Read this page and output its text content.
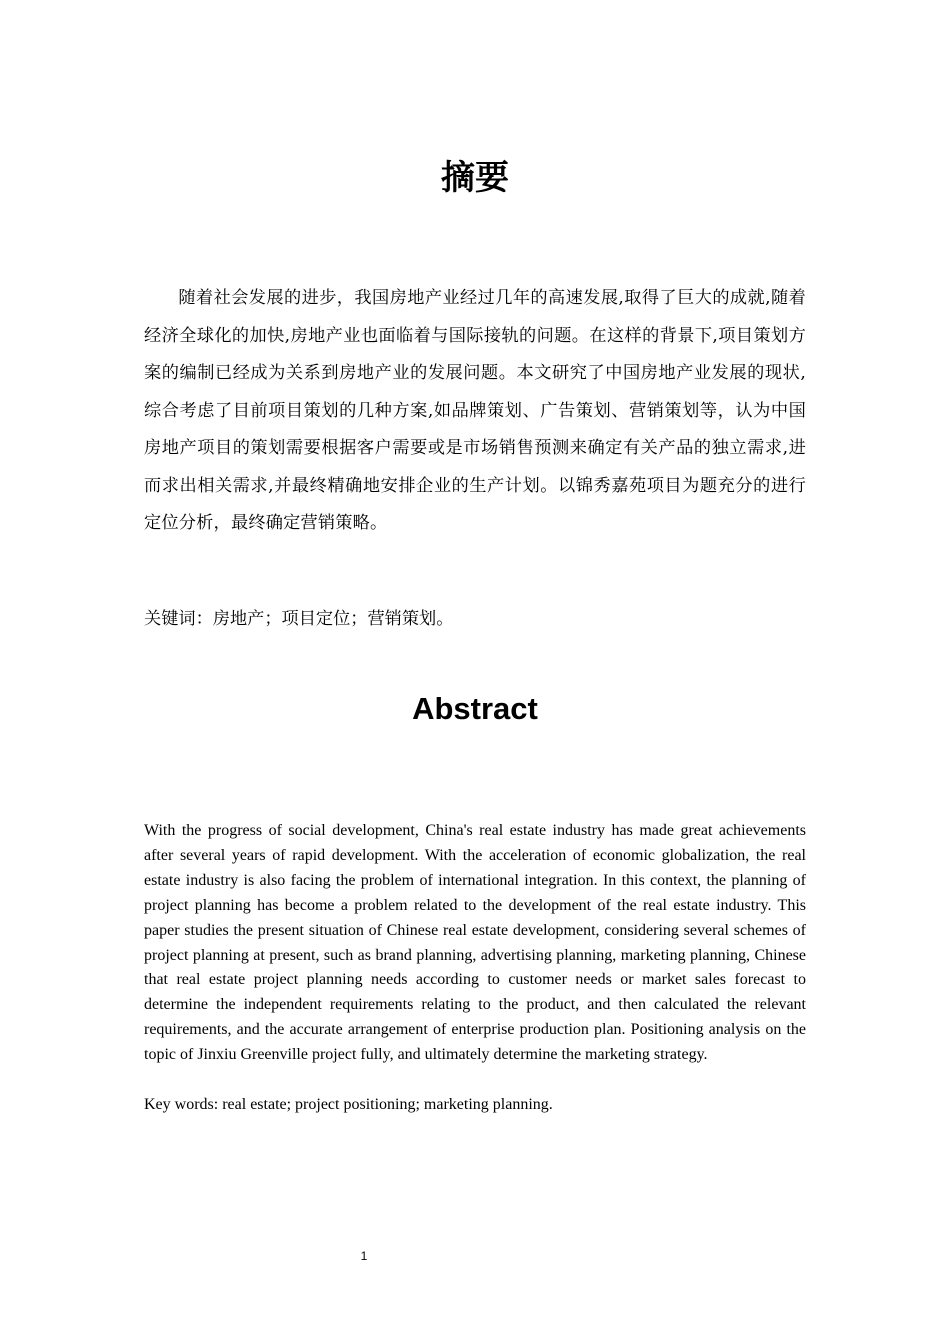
摘要

随着社会发展的进步，我国房地产业经过几年的高速发展,取得了巨大的成就,随着经济全球化的加快,房地产业也面临着与国际接轨的问题。在这样的背景下,项目策划方案的编制已经成为关系到房地产业的发展问题。本文研究了中国房地产业发展的现状,综合考虑了目前项目策划的几种方案,如品牌策划、广告策划、营销策划等，认为中国房地产项目的策划需要根据客户需要或是市场销售预测来确定有关产品的独立需求,进而求出相关需求,并最终精确地安排企业的生产计划。以锦秀嘉苑项目为题充分的进行定位分析，最终确定营销策略。

关键词：房地产；项目定位；营销策划。

Abstract

With the progress of social development, China's real estate industry has made great achievements after several years of rapid development. With the acceleration of economic globalization, the real estate industry is also facing the problem of international integration. In this context, the planning of project planning has become a problem related to the development of the real estate industry. This paper studies the present situation of Chinese real estate development, considering several schemes of project planning at present, such as brand planning, advertising planning, marketing planning, Chinese that real estate project planning needs according to customer needs or market sales forecast to determine the independent requirements relating to the product, and then calculated the relevant requirements, and the accurate arrangement of enterprise production plan. Positioning analysis on the topic of Jinxiu Greenville project fully, and ultimately determine the marketing strategy.

Key words: real estate; project positioning; marketing planning.

1
